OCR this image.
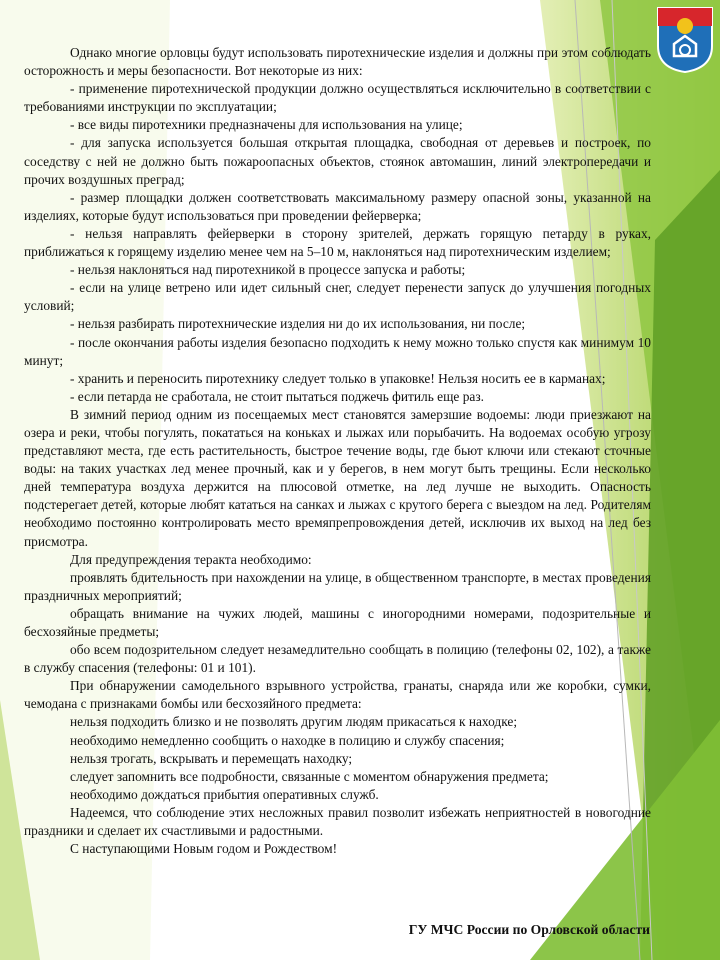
Однако многие орловцы будут использовать пиротехнические изделия и должны при этом соблюдать осторожность и меры безопасности. Вот некоторые из них:

- применение пиротехнической продукции должно осуществляться исключительно в соответствии с требованиями инструкции по эксплуатации;

- все виды пиротехники предназначены для использования на улице;

- для запуска используется большая открытая площадка, свободная от деревьев и построек, по соседству с ней не должно быть пожароопасных объектов, стоянок автомашин, линий электропередачи и прочих воздушных преград;

- размер площадки должен соответствовать максимальному размеру опасной зоны, указанной на изделиях, которые будут использоваться при проведении фейерверка;

- нельзя направлять фейерверки в сторону зрителей, держать горящую петарду в руках, приближаться к горящему изделию менее чем на 5–10 м, наклоняться над пиротехническим изделием;

- нельзя наклоняться над пиротехникой в процессе запуска и работы;

- если на улице ветрено или идет сильный снег, следует перенести запуск до улучшения погодных условий;

- нельзя разбирать пиротехнические изделия ни до их использования, ни после;

- после окончания работы изделия безопасно подходить к нему можно только спустя как минимум 10 минут;

- хранить и переносить пиротехнику следует только в упаковке! Нельзя носить ее в карманах;

- если петарда не сработала, не стоит пытаться поджечь фитиль еще раз.

В зимний период одним из посещаемых мест становятся замерзшие водоемы: люди приезжают на озера и реки, чтобы погулять, покататься на коньках и лыжах или порыбачить. На водоемах особую угрозу представляют места, где есть растительность, быстрое течение воды, где бьют ключи или стекают сточные воды: на таких участках лед менее прочный, как и у берегов, в нем могут быть трещины. Если несколько дней температура воздуха держится на плюсовой отметке, на лед лучше не выходить. Опасность подстерегает детей, которые любят кататься на санках и лыжах с крутого берега с выездом на лед. Родителям необходимо постоянно контролировать место времяпрепровождения детей, исключив их выход на лед без присмотра.

Для предупреждения теракта необходимо:

проявлять бдительность при нахождении на улице, в общественном транспорте, в местах проведения праздничных мероприятий;

обращать внимание на чужих людей, машины с иногородними номерами, подозрительные и бесхозяйные предметы;

обо всем подозрительном следует незамедлительно сообщать в полицию (телефоны 02, 102), а также в службу спасения (телефоны: 01 и 101).

При обнаружении самодельного взрывного устройства, гранаты, снаряда или же коробки, сумки, чемодана с признаками бомбы или бесхозяйного предмета:

нельзя подходить близко и не позволять другим людям прикасаться к находке;

необходимо немедленно сообщить о находке в полицию и службу спасения;

нельзя трогать, вскрывать и перемещать находку;

следует запомнить все подробности, связанные с моментом обнаружения предмета;

необходимо дождаться прибытия оперативных служб.

Надеемся, что соблюдение этих несложных правил позволит избежать неприятностей в новогодние праздники и сделает их счастливыми и радостными.

С наступающими Новым годом и Рождеством!

ГУ МЧС России по Орловской области
